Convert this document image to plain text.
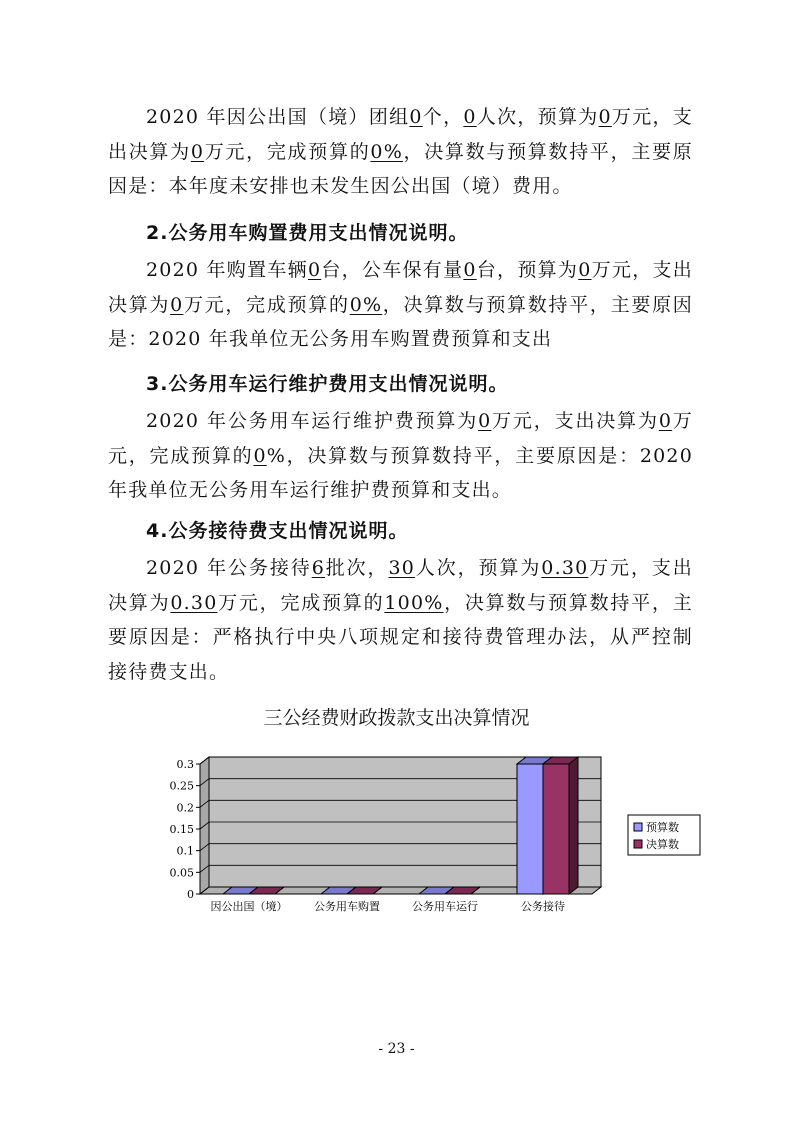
2020 年因公出国（境）团组0个，0人次，预算为0万元，支出决算为0万元，完成预算的0%，决算数与预算数持平，主要原因是：本年度未安排也未发生因公出国（境）费用。

2.公务用车购置费用支出情况说明。

2020 年购置车辆0台，公车保有量0台，预算为0万元，支出决算为0万元，完成预算的0%，决算数与预算数持平，主要原因是：2020 年我单位无公务用车购置费预算和支出

3.公务用车运行维护费用支出情况说明。

2020 年公务用车运行维护费预算为0万元，支出决算为0万元，完成预算的0%，决算数与预算数持平，主要原因是：2020 年我单位无公务用车运行维护费预算和支出。

4.公务接待费支出情况说明。

2020 年公务接待6批次，30人次，预算为0.30万元，支出决算为0.30万元，完成预算的100%，决算数与预算数持平，主要原因是：严格执行中央八项规定和接待费管理办法，从严控制接待费支出。

三公经费财政拨款支出决算情况

0
0.05
0.1
0.15
0.2
0.25
0.3
因公出国（境） 公务用车购置	公务用车运行	公务接待
预算数
决算数
- 23 -
